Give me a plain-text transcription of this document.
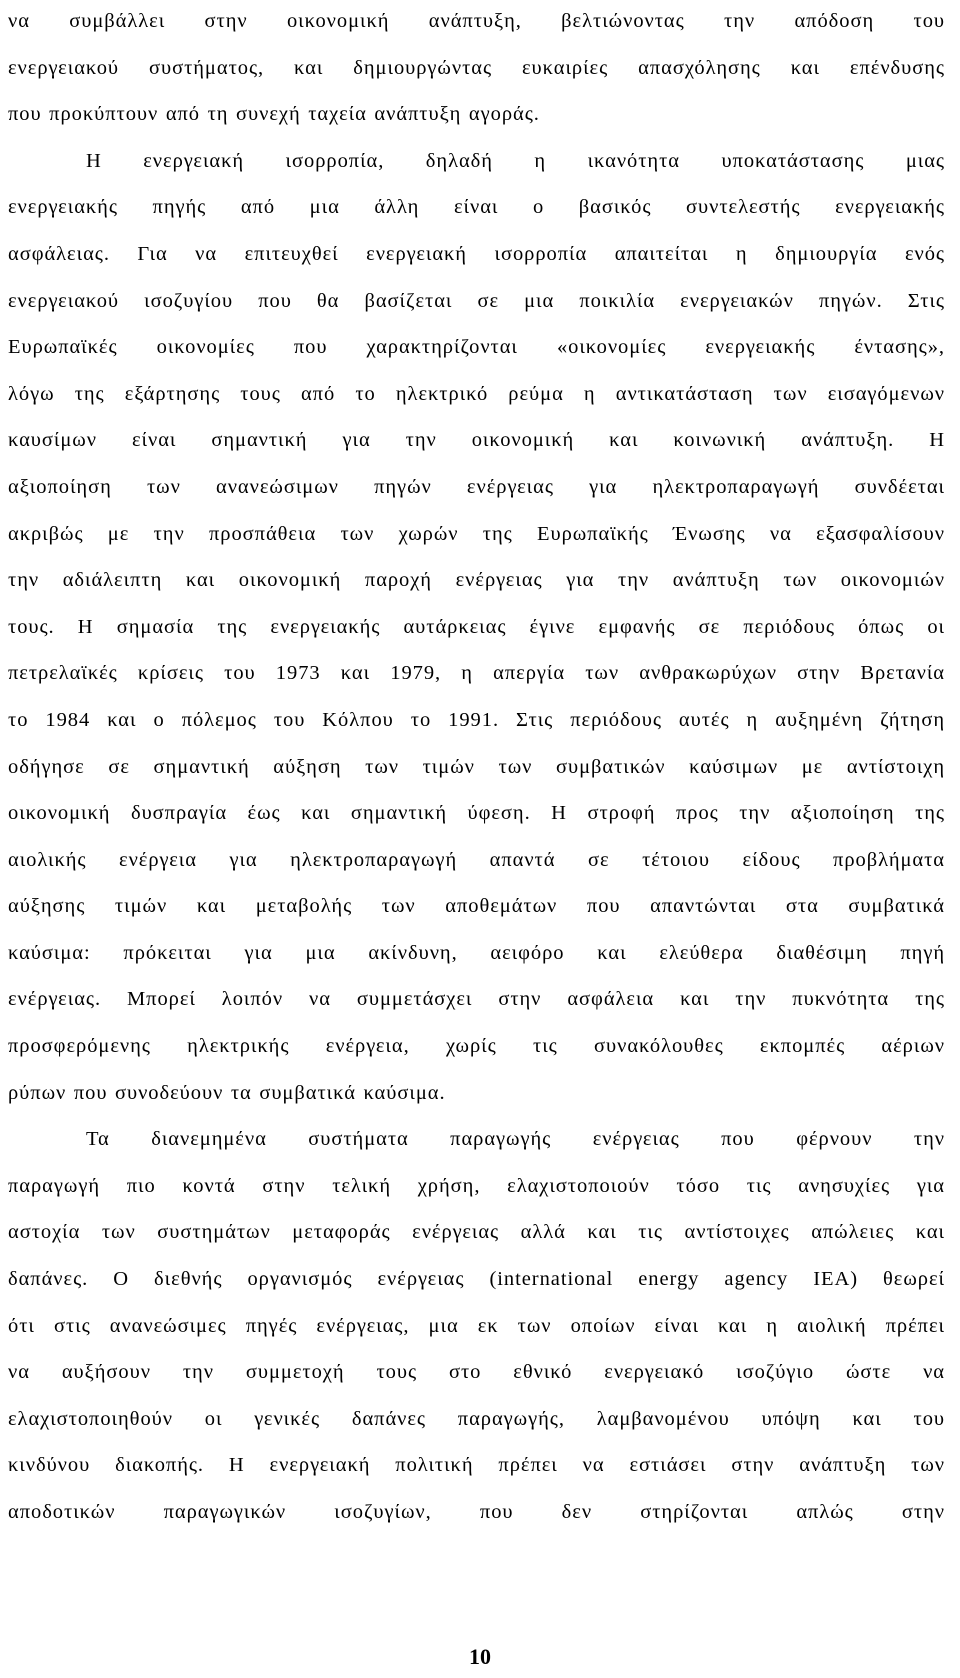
να συμβάλλει στην οικονομική ανάπτυξη, βελτιώνοντας την απόδοση του
ενεργειακού συστήματος, και δημιουργώντας ευκαιρίες απασχόλησης και επένδυσης
που προκύπτουν από τη συνεχή ταχεία ανάπτυξη αγοράς.
Η ενεργειακή ισορροπία, δηλαδή η ικανότητα υποκατάστασης μιας
ενεργειακής πηγής από μια άλλη είναι ο βασικός συντελεστής ενεργειακής
ασφάλειας. Για να επιτευχθεί ενεργειακή ισορροπία απαιτείται η δημιουργία ενός
ενεργειακού ισοζυγίου που θα βασίζεται σε μια ποικιλία ενεργειακών πηγών. Στις
Ευρωπαϊκές οικονομίες που χαρακτηρίζονται «οικονομίες ενεργειακής έντασης»,
λόγω της εξάρτησης τους από το ηλεκτρικό ρεύμα η αντικατάσταση των εισαγόμενων
καυσίμων είναι σημαντική για την οικονομική και κοινωνική ανάπτυξη. Η
αξιοποίηση των ανανεώσιμων πηγών ενέργειας για ηλεκτροπαραγωγή συνδέεται
ακριβώς με την προσπάθεια των χωρών της Ευρωπαϊκής Ένωσης να εξασφαλίσουν
την αδιάλειπτη και οικονομική παροχή ενέργειας για την ανάπτυξη των οικονομιών
τους. Η σημασία της ενεργειακής αυτάρκειας έγινε εμφανής σε περιόδους όπως οι
πετρελαϊκές κρίσεις του 1973 και 1979, η απεργία των ανθρακωρύχων στην Βρετανία
το 1984 και ο πόλεμος του Κόλπου το 1991. Στις περιόδους αυτές η αυξημένη ζήτηση
οδήγησε σε σημαντική αύξηση των τιμών των συμβατικών καύσιμων με αντίστοιχη
οικονομική δυσπραγία έως και σημαντική ύφεση. Η στροφή προς την αξιοποίηση της
αιολικής ενέργεια για ηλεκτροπαραγωγή απαντά σε τέτοιου είδους προβλήματα
αύξησης τιμών και μεταβολής των αποθεμάτων που απαντώνται στα συμβατικά
καύσιμα: πρόκειται για μια ακίνδυνη, αειφόρο και ελεύθερα διαθέσιμη πηγή
ενέργειας. Μπορεί λοιπόν να συμμετάσχει στην ασφάλεια και την πυκνότητα της
προσφερόμενης ηλεκτρικής ενέργεια, χωρίς τις συνακόλουθες εκπομπές αέριων
ρύπων που συνοδεύουν τα συμβατικά καύσιμα.
Τα διανεμημένα συστήματα παραγωγής ενέργειας που φέρνουν την
παραγωγή πιο κοντά στην τελική χρήση, ελαχιστοποιούν τόσο τις ανησυχίες για
αστοχία των συστημάτων μεταφοράς ενέργειας αλλά και τις αντίστοιχες απώλειες και
δαπάνες. Ο διεθνής οργανισμός ενέργειας (international energy agency IEA) θεωρεί
ότι στις ανανεώσιμες πηγές ενέργειας, μια εκ των οποίων είναι και η αιολική πρέπει
να αυξήσουν την συμμετοχή τους στο εθνικό ενεργειακό ισοζύγιο ώστε να
ελαχιστοποιηθούν οι γενικές δαπάνες παραγωγής, λαμβανομένου υπόψη και του
κινδύνου διακοπής. Η ενεργειακή πολιτική πρέπει να εστιάσει στην ανάπτυξη των
αποδοτικών παραγωγικών ισοζυγίων, που δεν στηρίζονται απλώς στην
10
